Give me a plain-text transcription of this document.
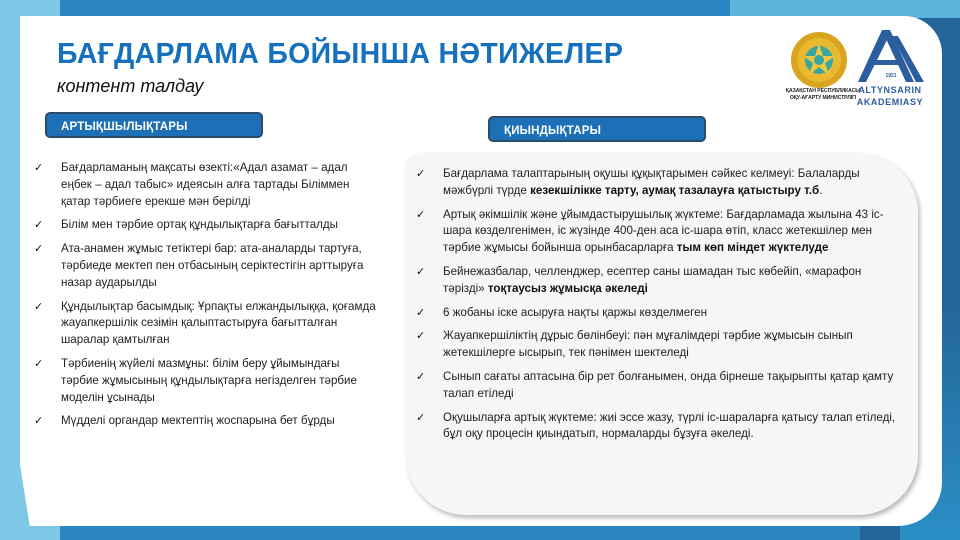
БАҒДАРЛАМА БОЙЫНША НӘТИЖЕЛЕР
контент талдау	ҚАЗАҚСТАН РЕСПУБЛИКАСЫ
ОҚУ-АҒАРТУ МИНИСТРЛІГІ
1921
ALTYNSARIN
AKADEMIASY
АРТЫҚШЫЛЫҚТАРЫ
✓ Бағдарламаның мақсаты өзекті:«Адал азамат – адал еңбек – адал табыс» идеясын алға тартады Біліммен қатар тәрбиеге ерекше мән берілді
✓ Білім мен тәрбие ортақ құндылықтарға бағытталды
✓ Ата-анамен жұмыс тетіктері бар: ата-аналарды тартуға, тәрбиеде мектеп пен отбасының серіктестігін арттыруға назар аударылды
✓ Құндылықтар басымдық: Ұрпақты елжандылыққа, қоғамда жауапкершілік сезімін қалыптастыруға бағытталған шаралар қамтылған
✓ Тәрбиенің жүйелі мазмұны: білім беру ұйымындағы тәрбие жұмысының құндылықтарға негізделген тәрбие моделін ұсынады
✓ Мүдделі органдар мектептің жоспарына бет бұрды
ҚИЫНДЫҚТАРЫ
✓ Бағдарлама талаптарының оқушы құқықтарымен сәйкес келмеуі: Балаларды мәжбүрлі түрде кезекшілікке тарту, аумақ тазалауға қатыстыру т.б.
✓ Артық әкімшілік және ұйымдастырушылық жүктеме: Бағдарламада жылына 43 іс-шара көзделгенімен, іс жүзінде 400-ден аса іс-шара өтіп, класс жетекшілер мен тәрбие жұмысы бойынша орынбасарларға тым көп міндет жүктелуде
✓ Бейнежазбалар, челленджер, есептер саны шамадан тыс көбейіп, «марафон тәрізді» тоқтаусыз жұмысқа әкеледі
✓ 6 жобаны іске асыруға нақты қаржы көзделмеген
✓ Жауапкершіліктің дұрыс бөлінбеуі: пән мұғалімдері тәрбие жұмысын сынып жетекшілерге ысырып, тек пәнімен шектеледі
✓ Сынып сағаты аптасына бір рет болғанымен, онда бірнеше тақырыпты қатар қамту талап етіледі
✓ Оқушыларға артық жүктеме: жиі эссе жазу, түрлі іс-шараларға қатысу талап етіледі, бұл оқу процесін қиындатып, нормаларды бұзуға әкеледі.
